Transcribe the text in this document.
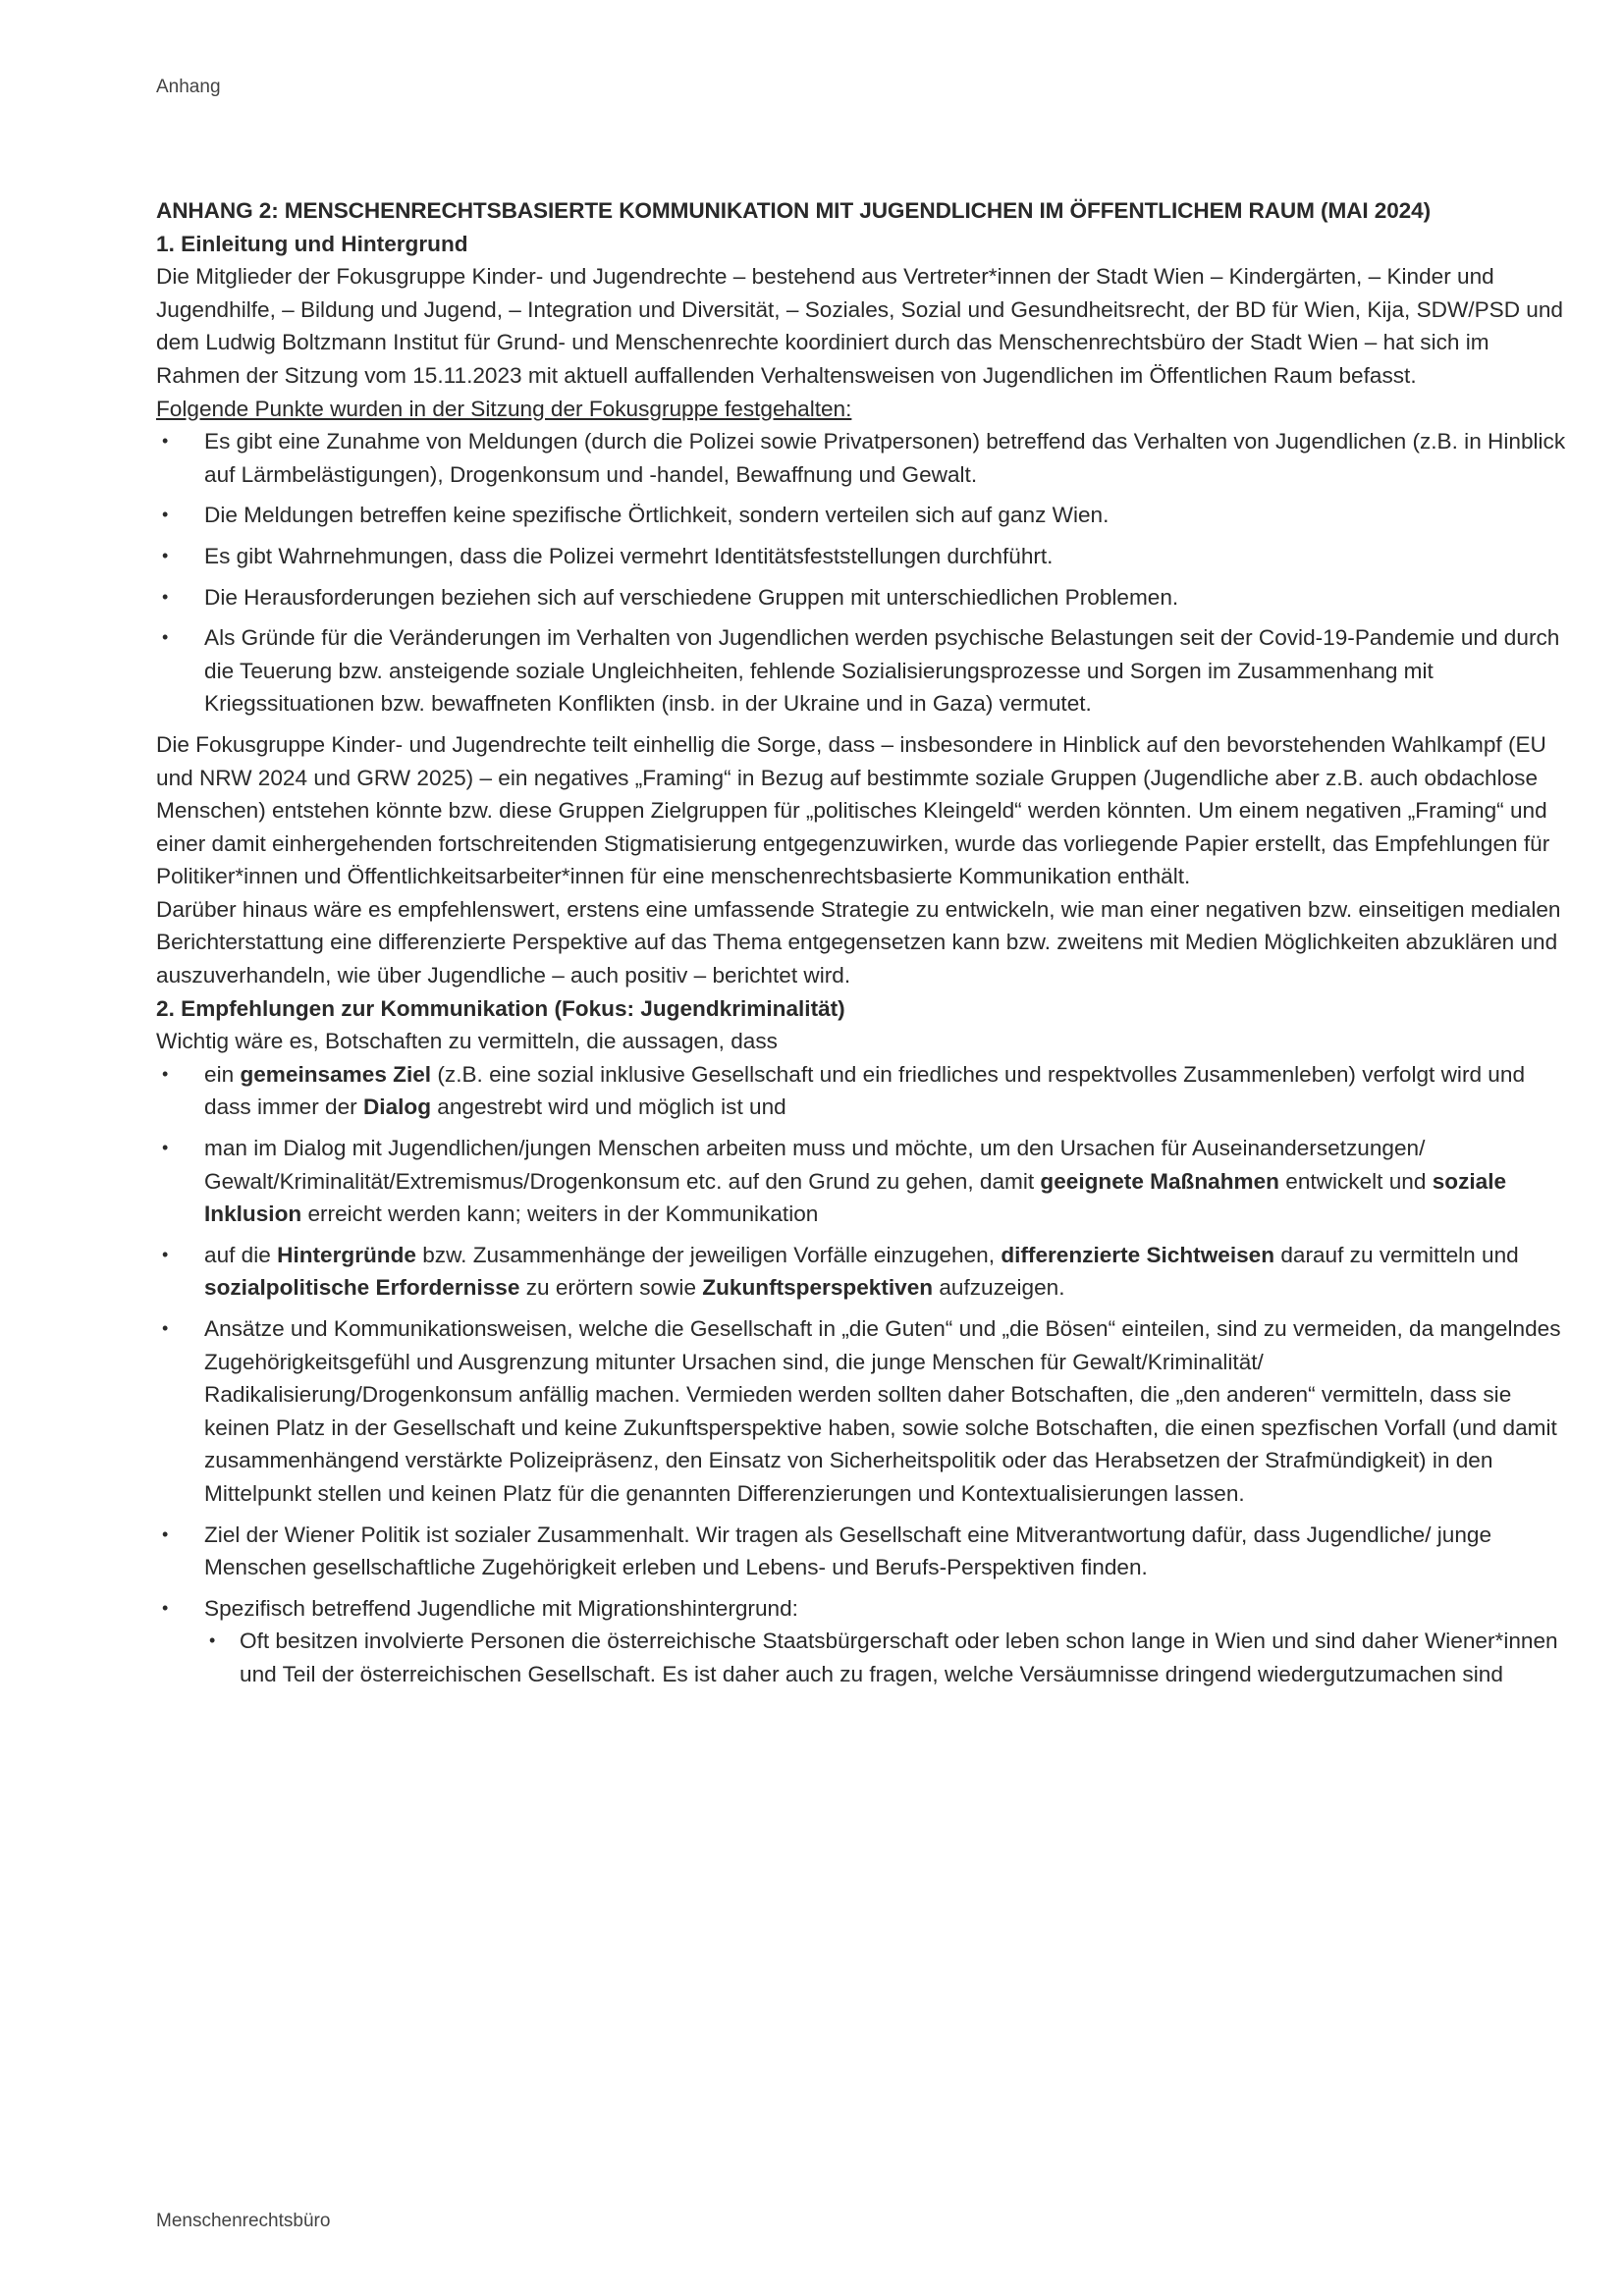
Anhang

ANHANG 2: MENSCHENRECHTSBASIERTE KOMMUNIKATION MIT JUGENDLICHEN IM ÖFFENTLICHEM RAUM (MAI 2024)

1. Einleitung und Hintergrund

Die Mitglieder der Fokusgruppe Kinder- und Jugendrechte – bestehend aus Vertreter*innen der Stadt Wien – Kindergärten, – Kinder und Jugendhilfe, – Bildung und Jugend, – Integration und Diversität, – Soziales, Sozial und Gesundheitsrecht, der BD für Wien, Kija, SDW/PSD und dem Ludwig Boltzmann Institut für Grund- und Menschenrechte koordiniert durch das Menschenrechtsbüro der Stadt Wien – hat sich im Rahmen der Sitzung vom 15.11.2023 mit aktuell auffallenden Verhaltensweisen von Jugendlichen im Öffentlichen Raum befasst.

Folgende Punkte wurden in der Sitzung der Fokusgruppe festgehalten:

• Es gibt eine Zunahme von Meldungen (durch die Polizei sowie Privatpersonen) betreffend das Verhalten von Jugendlichen (z.B. in Hinblick auf Lärmbelästigungen), Drogenkonsum und -handel, Bewaffnung und Gewalt.
• Die Meldungen betreffen keine spezifische Örtlichkeit, sondern verteilen sich auf ganz Wien.
• Es gibt Wahrnehmungen, dass die Polizei vermehrt Identitätsfeststellungen durchführt.
• Die Herausforderungen beziehen sich auf verschiedene Gruppen mit unterschiedlichen Problemen.
• Als Gründe für die Veränderungen im Verhalten von Jugendlichen werden psychische Belastungen seit der Covid-19-Pandemie und durch die Teuerung bzw. ansteigende soziale Ungleichheiten, fehlende Sozialisierungsprozesse und Sorgen im Zusammenhang mit Kriegssituationen bzw. bewaffneten Konflikten (insb. in der Ukraine und in Gaza) vermutet.

Die Fokusgruppe Kinder- und Jugendrechte teilt einhellig die Sorge, dass – insbesondere in Hinblick auf den bevorstehenden Wahlkampf (EU und NRW 2024 und GRW 2025) – ein negatives „Framing“ in Bezug auf bestimmte soziale Gruppen (Jugendliche aber z.B. auch obdachlose Menschen) entstehen könnte bzw. diese Gruppen Zielgruppen für „politisches Kleingeld“ werden könnten. Um einem negativen „Framing“ und einer damit einhergehenden fortschreitenden Stigmatisierung entgegenzuwirken, wurde das vorliegende Papier erstellt, das Empfehlungen für Politiker*innen und Öffentlichkeitsarbeiter*innen für eine menschenrechtsbasierte Kommunikation enthält.

Darüber hinaus wäre es empfehlenswert, erstens eine umfassende Strategie zu entwickeln, wie man einer negativen bzw. einseitigen medialen Berichterstattung eine differenzierte Perspektive auf das Thema entgegensetzen kann bzw. zweitens mit Medien Möglichkeiten abzuklären und auszuverhandeln, wie über Jugendliche – auch positiv – berichtet wird.

2. Empfehlungen zur Kommunikation (Fokus: Jugendkriminalität)

Wichtig wäre es, Botschaften zu vermitteln, die aussagen, dass

• ein gemeinsames Ziel (z.B. eine sozial inklusive Gesellschaft und ein friedliches und respektvolles Zusammenleben) verfolgt wird und dass immer der Dialog angestrebt wird und möglich ist und
• man im Dialog mit Jugendlichen/jungen Menschen arbeiten muss und möchte, um den Ursachen für Auseinandersetzungen/ Gewalt/Kriminalität/Extremismus/Drogenkonsum etc. auf den Grund zu gehen, damit geeignete Maßnahmen entwickelt und soziale Inklusion erreicht werden kann; weiters in der Kommunikation
• auf die Hintergründe bzw. Zusammenhänge der jeweiligen Vorfälle einzugehen, differenzierte Sichtweisen darauf zu vermitteln und sozialpolitische Erfordernisse zu erörtern sowie Zukunftsperspektiven aufzuzeigen.
• Ansätze und Kommunikationsweisen, welche die Gesellschaft in „die Guten“ und „die Bösen“ einteilen, sind zu vermeiden, da mangelndes Zugehörigkeitsgefühl und Ausgrenzung mitunter Ursachen sind, die junge Menschen für Gewalt/Kriminalität/ Radikalisierung/Drogenkonsum anfällig machen. Vermieden werden sollten daher Botschaften, die „den anderen“ vermitteln, dass sie keinen Platz in der Gesellschaft und keine Zukunftsperspektive haben, sowie solche Botschaften, die einen spezfischen Vorfall (und damit zusammenhängend verstärkte Polizeipräsenz, den Einsatz von Sicherheitspolitik oder das Herabsetzen der Strafmündigkeit) in den Mittelpunkt stellen und keinen Platz für die genannten Differenzierungen und Kontextualisierungen lassen.
• Ziel der Wiener Politik ist sozialer Zusammenhalt. Wir tragen als Gesellschaft eine Mitverantwortung dafür, dass Jugendliche/ junge Menschen gesellschaftliche Zugehörigkeit erleben und Lebens- und Berufs-Perspektiven finden.
• Spezifisch betreffend Jugendliche mit Migrationshintergrund:
• Oft besitzen involvierte Personen die österreichische Staatsbürgerschaft oder leben schon lange in Wien und sind daher Wiener*innen und Teil der österreichischen Gesellschaft. Es ist daher auch zu fragen, welche Versäumnisse dringend wiedergutzumachen sind
Menschenrechtsbüro
